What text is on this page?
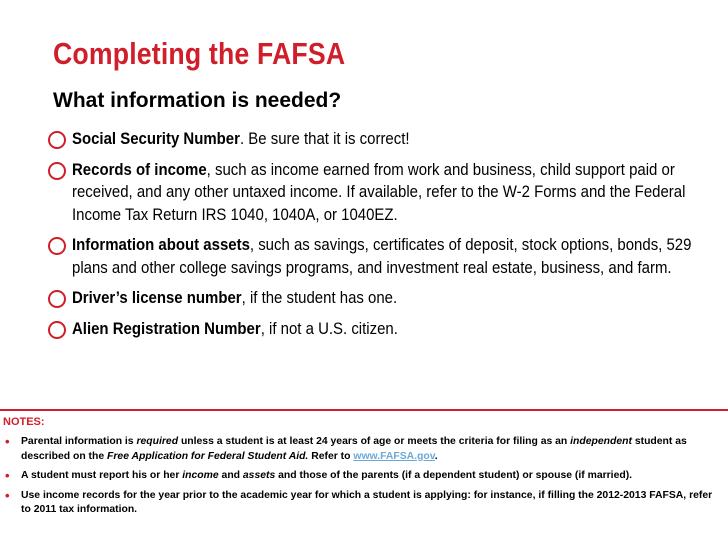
Completing the FAFSA
What information is needed?
Social Security Number. Be sure that it is correct!
Records of income, such as income earned from work and business, child support paid or received, and any other untaxed income. If available, refer to the W-2 Forms and the Federal Income Tax Return IRS 1040, 1040A, or 1040EZ.
Information about assets, such as savings, certificates of deposit, stock options, bonds, 529 plans and other college savings programs, and investment real estate, business, and farm.
Driver’s license number, if the student has one.
Alien Registration Number, if not a U.S. citizen.
NOTES:
• Parental information is required unless a student is at least 24 years of age or meets the criteria for filing as an independent student as described on the Free Application for Federal Student Aid. Refer to www.FAFSA.gov.
• A student must report his or her income and assets and those of the parents (if a dependent student) or spouse (if married).
• Use income records for the year prior to the academic year for which a student is applying: for instance, if filling the 2012-2013 FAFSA, refer to 2011 tax information.
